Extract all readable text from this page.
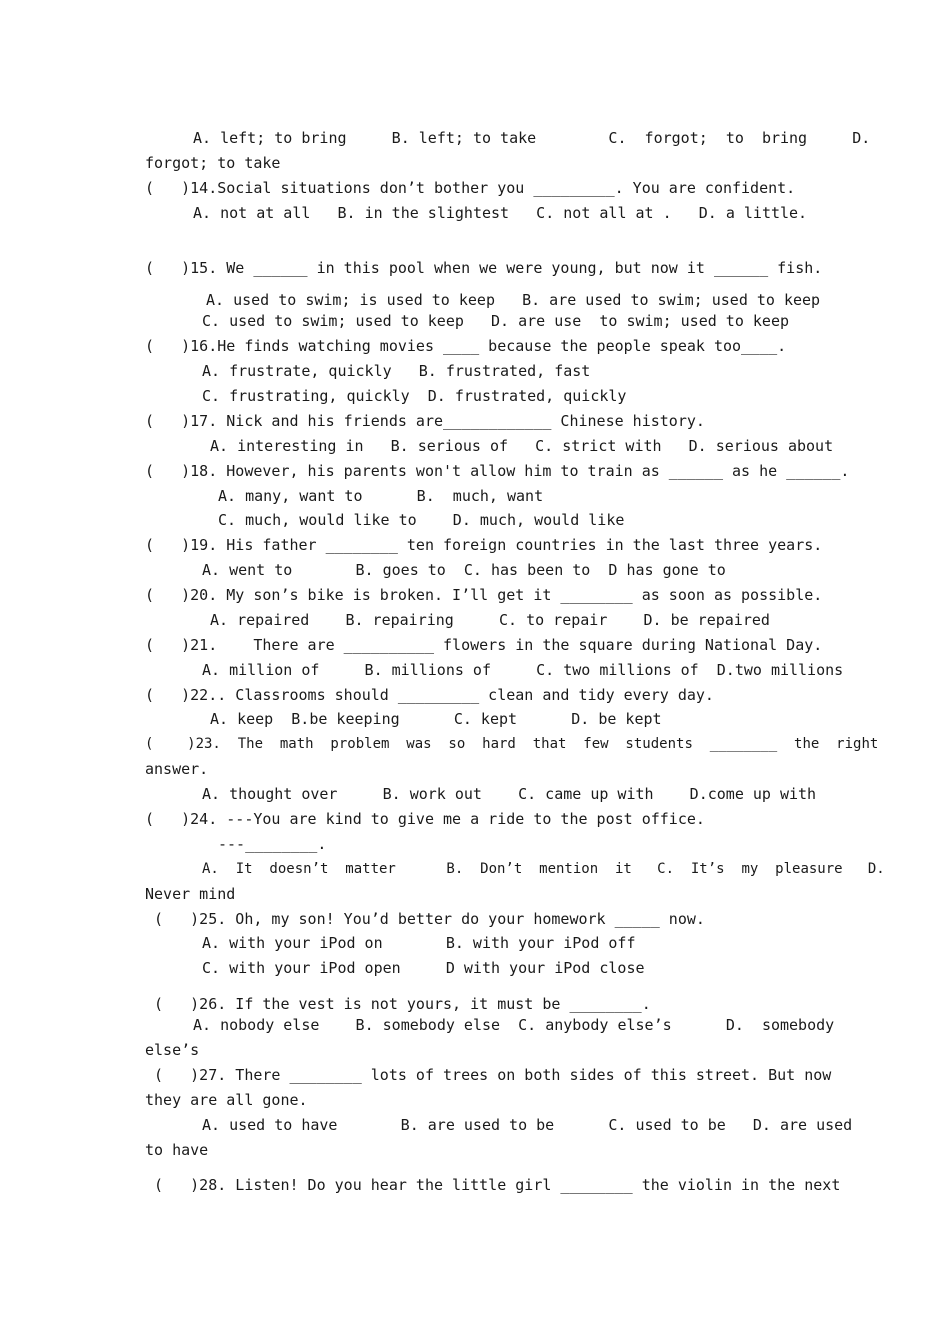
A. left; to bring     B. left; to take        C.  forgot;  to  bring     D.
forgot; to take
(   )14.Social situations don’t bother you _________. You are confident.
A. not at all   B. in the slightest   C. not all at .   D. a little.
(   )15. We ______ in this pool when we were young, but now it ______ fish.
A. used to swim; is used to keep   B. are used to swim; used to keep
C. used to swim; used to keep   D. are use  to swim; used to keep
(   )16.He finds watching movies ____ because the people speak too____.
A. frustrate, quickly   B. frustrated, fast
C. frustrating, quickly  D. frustrated, quickly
(   )17. Nick and his friends are____________ Chinese history.
A. interesting in   B. serious of   C. strict with   D. serious about
(   )18. However, his parents won't allow him to train as ______ as he ______.
A. many, want to      B.  much, want
C. much, would like to    D. much, would like
(   )19. His father ________ ten foreign countries in the last three years.
A. went to       B. goes to  C. has been to  D has gone to
(   )20. My son’s bike is broken. I’ll get it ________ as soon as possible.
A. repaired    B. repairing     C. to repair    D. be repaired
(   )21.    There are __________ flowers in the square during National Day.
A. million of     B. millions of     C. two millions of  D.two millions
(   )22.. Classrooms should _________ clean and tidy every day.
A. keep  B.be keeping      C. kept      D. be kept
(    )23.  The  math  problem  was  so  hard  that  few  students  ________  the  right
answer.
A. thought over     B. work out    C. came up with    D.come up with
(   )24. ---You are kind to give me a ride to the post office.
---________.
A.  It  doesn’t  matter      B.  Don’t  mention  it   C.  It’s  my  pleasure   D.
Never mind
(   )25. Oh, my son! You’d better do your homework _____ now.
A. with your iPod on       B. with your iPod off
C. with your iPod open     D with your iPod close
(   )26. If the vest is not yours, it must be ________.
A. nobody else    B. somebody else  C. anybody else’s      D.  somebody
else’s
(   )27. There ________ lots of trees on both sides of this street. But now
they are all gone.
A. used to have       B. are used to be      C. used to be   D. are used
to have
(   )28. Listen! Do you hear the little girl ________ the violin in the next
